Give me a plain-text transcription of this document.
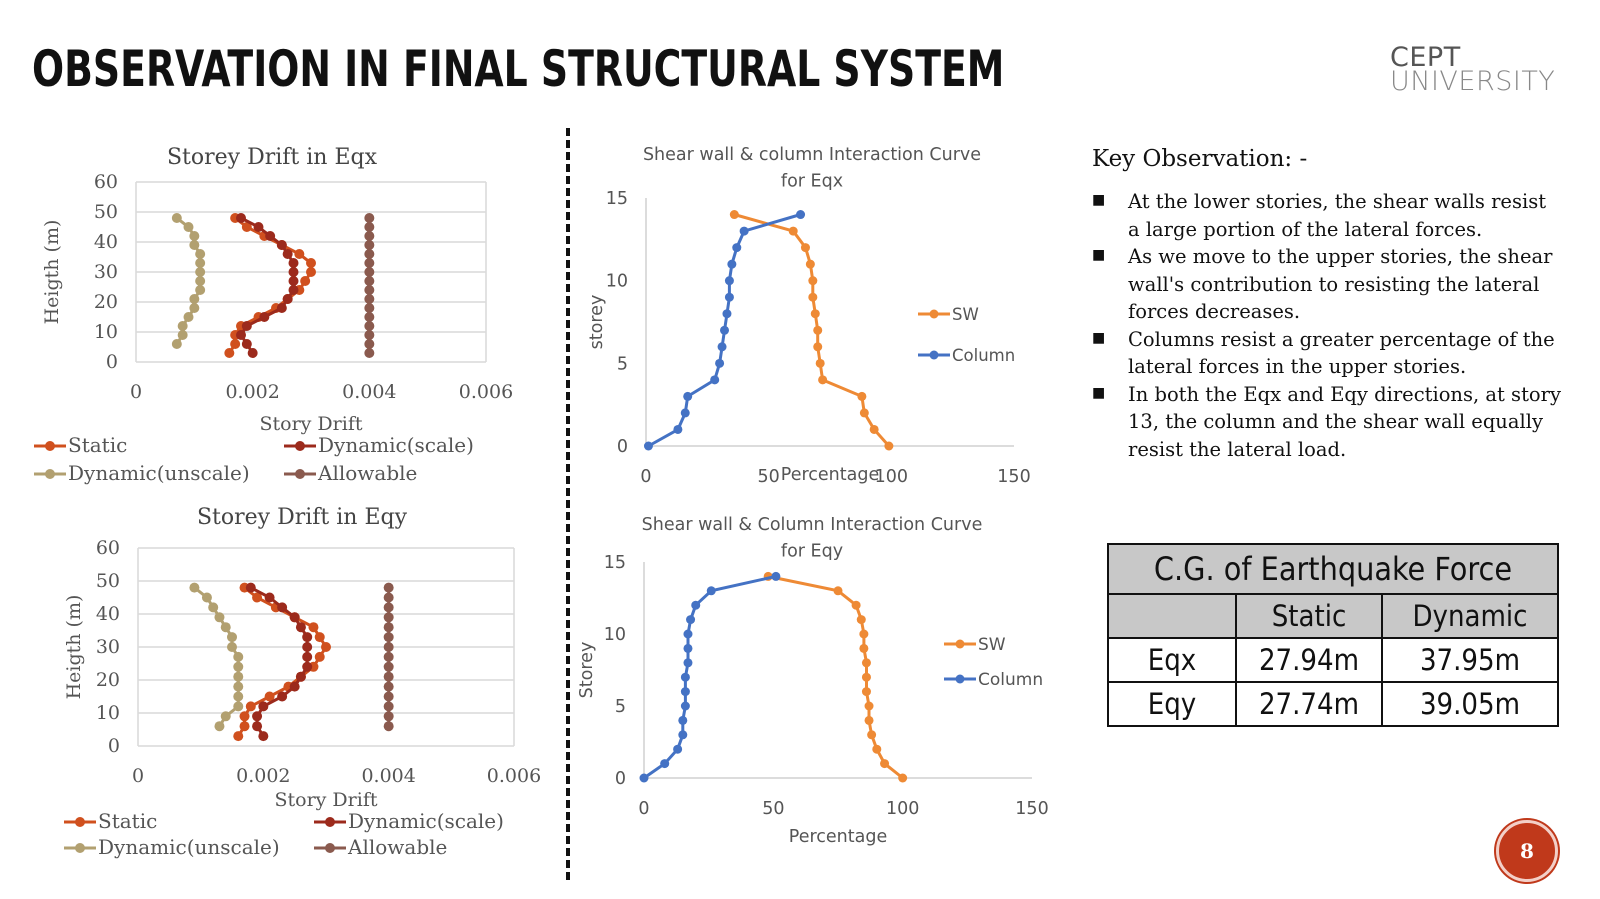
OBSERVATION IN FINAL STRUCTURAL SYSTEM	CEPT
UNIVERSITY
Storey Drift in Eqx
0
10
20
30
40
50
60
0	0.002	0.004	0.006
Story Drift
Heigth (m)
Static	Dynamic(scale)
Dynamic(unscale)	Allowable
Storey Drift in Eqy
0
10
20
30
40
50
60
0	0.002	0.004	0.006
Story Drift
Heigth (m)
Static	Dynamic(scale)
Dynamic(unscale)	Allowable
Shear wall & column Interaction Curve for Eqx
0
5
10
15
0	50	100	150
Percentage
storey	SW
Column
Shear wall & Column Interaction Curve for Eqy
0
5
10
15
0	50	100	150
Percentage
Storey	SW
Column
Key Observation: -
■ At the lower stories, the shear walls resist a large portion of the lateral forces.
■ As we move to the upper stories, the shear wall's contribution to resisting the lateral forces decreases.
■ Columns resist a greater percentage of the lateral forces in the upper stories.
■ In both the Eqx and Eqy directions, at story 13, the column and the shear wall equally resist the lateral load.
C.G. of Earthquake Force		
	Static	Dynamic
Eqx	27.94m	37.95m
Eqy	27.74m	39.05m
8
